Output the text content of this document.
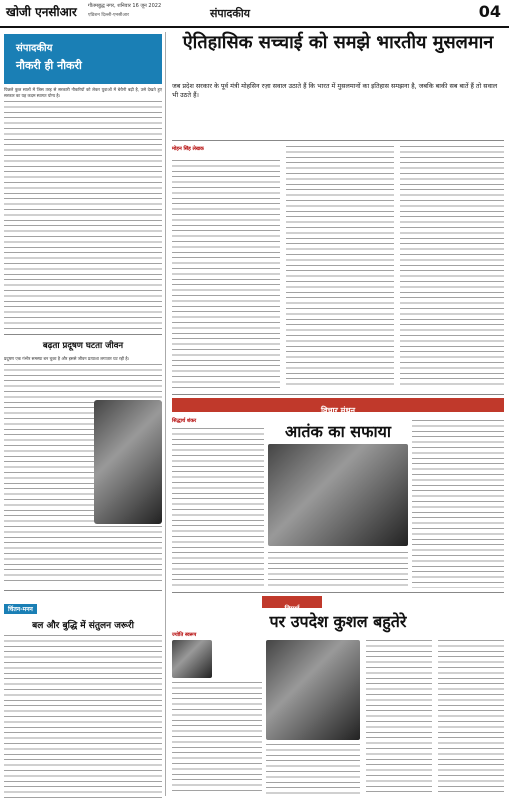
खोजी एनसीआर गौतमबुद्ध नगर, शनिवार 16 जून 2022
एडिशन दिल्ली-एनसीआर	संपादकीय	04
संपादकीय
नौकरी ही नौकरी

पिछले कुछ सालों में जिस तरह से सरकारी नौकरियों को लेकर युवाओं में बेचैनी बढ़ी है, उसे देखते हुए सरकार का यह कदम स्वागत योग्य है।

बढ़ता प्रदूषण घटता जीवन

प्रदूषण एक गंभीर समस्या बन चुका है और इससे जीवन प्रत्याशा लगातार घट रही है।

चिंतन-मनन
बल और बुद्धि में संतुलन जरूरी
ऐतिहासिक सच्चाई को समझे भारतीय मुसलमान

जब प्रदेश सरकार के पूर्व मंत्री मोहसिन रज़ा सवाल उठाते हैं कि भारत में मुसलमानों का इतिहास समझना है, जबकि बाकी सब बातें हैं तो सवाल भी उठते हैं।

मोहन सिंह लेखक
विचार मंथन
सिद्धार्थ शंकर
आतंक का सफाया
विमर्श
पर उपदेश कुशल बहुतेरे
ज्योति स्वरूप
